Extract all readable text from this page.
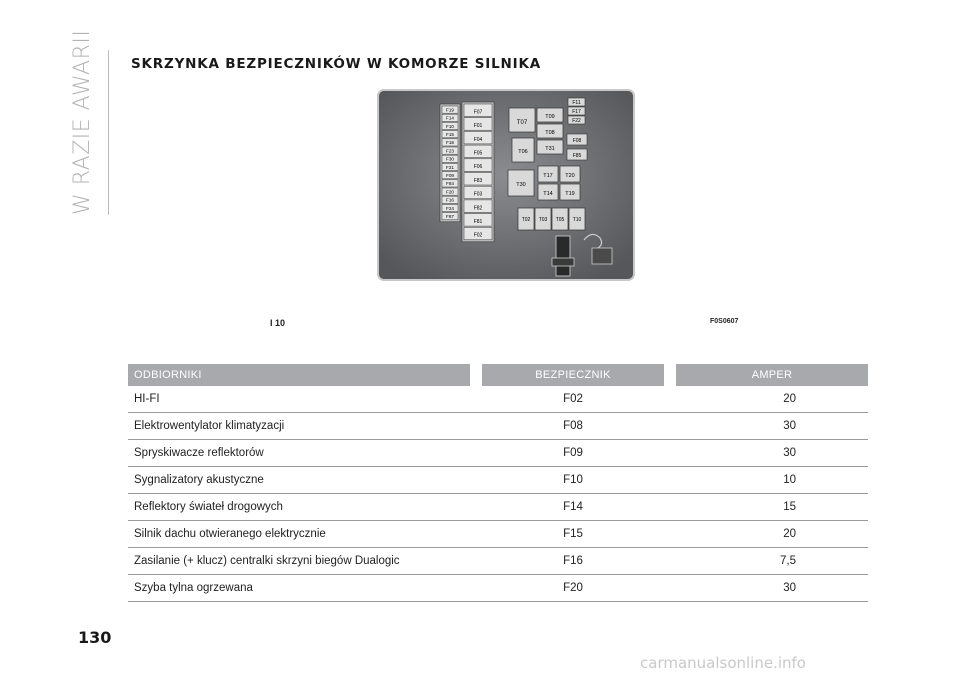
W RAZIE AWARII	SKRZYNKA BEZPIECZNIKÓW W KOMORZE SILNIKA
F19
F14
F10
F15
F18
F23
F30
F21
F09
F84
F20
F16
F24
F87
F07
F01
F04
F05
F06
F83
F03
F82
F81
F02
T07
T09
T08
T06	T31
T30
T17 T20
T14 T19
T02 T03 T05 T10
F11
F17
F22
F08
F85
I 10	F0S0607
ODBIORNIKI		BEZPIECZNIK		AMPER
HI-FI		F02		20
Elektrowentylator klimatyzacji		F08		30
Spryskiwacze reflektorów		F09		30
Sygnalizatory akustyczne		F10		10
Reflektory świateł drogowych		F14		15
Silnik dachu otwieranego elektrycznie		F15		20
Zasilanie (+ klucz) centralki skrzyni biegów Dualogic		F16		7,5
Szyba tylna ogrzewana		F20		30
130
carmanualsonline.info
